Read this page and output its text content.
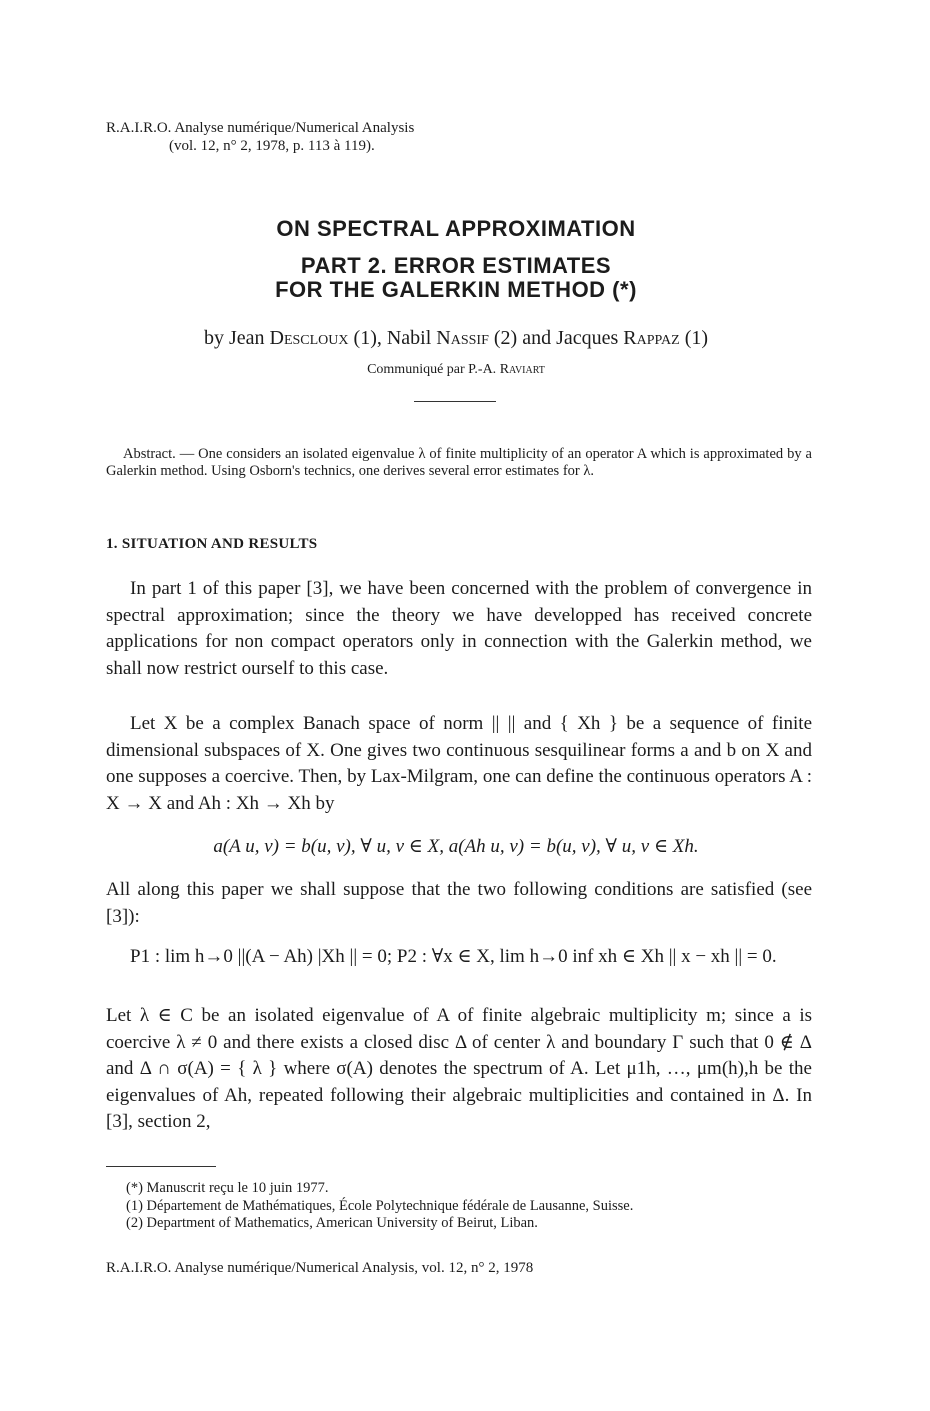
R.A.I.R.O. Analyse numérique/Numerical Analysis
(vol. 12, n° 2, 1978, p. 113 à 119).
ON SPECTRAL APPROXIMATION
PART 2. ERROR ESTIMATES
FOR THE GALERKIN METHOD (*)
by Jean Descloux (1), Nabil Nassif (2) and Jacques Rappaz (1)
Communiqué par P.-A. Raviart
Abstract. — One considers an isolated eigenvalue λ of finite multiplicity of an operator A which is approximated by a Galerkin method. Using Osborn's technics, one derives several error estimates for λ.
1. SITUATION AND RESULTS
In part 1 of this paper [3], we have been concerned with the problem of convergence in spectral approximation; since the theory we have developped has received concrete applications for non compact operators only in connection with the Galerkin method, we shall now restrict ourself to this case.
Let X be a complex Banach space of norm || || and { Xh } be a sequence of finite dimensional subspaces of X. One gives two continuous sesquilinear forms a and b on X and one supposes a coercive. Then, by Lax-Milgram, one can define the continuous operators A : X → X and Ah : Xh → Xh by
a(A u, v) = b(u, v), ∀ u, v ∈ X, a(Ah u, v) = b(u, v), ∀ u, v ∈ Xh.
All along this paper we shall suppose that the two following conditions are satisfied (see [3]):
P1 : lim h→0 ||(A − Ah) |Xh || = 0; P2 : ∀x ∈ X, lim h→0 inf xh ∈ Xh || x − xh || = 0.
Let λ ∈ C be an isolated eigenvalue of A of finite algebraic multiplicity m; since a is coercive λ ≠ 0 and there exists a closed disc Δ of center λ and boundary Γ such that 0 ∉ Δ and Δ ∩ σ(A) = { λ } where σ(A) denotes the spectrum of A. Let μ1h, …, μm(h),h be the eigenvalues of Ah, repeated following their algebraic multiplicities and contained in Δ. In [3], section 2,
(*) Manuscrit reçu le 10 juin 1977.
(1) Département de Mathématiques, École Polytechnique fédérale de Lausanne, Suisse.
(2) Department of Mathematics, American University of Beirut, Liban.
R.A.I.R.O. Analyse numérique/Numerical Analysis, vol. 12, n° 2, 1978
